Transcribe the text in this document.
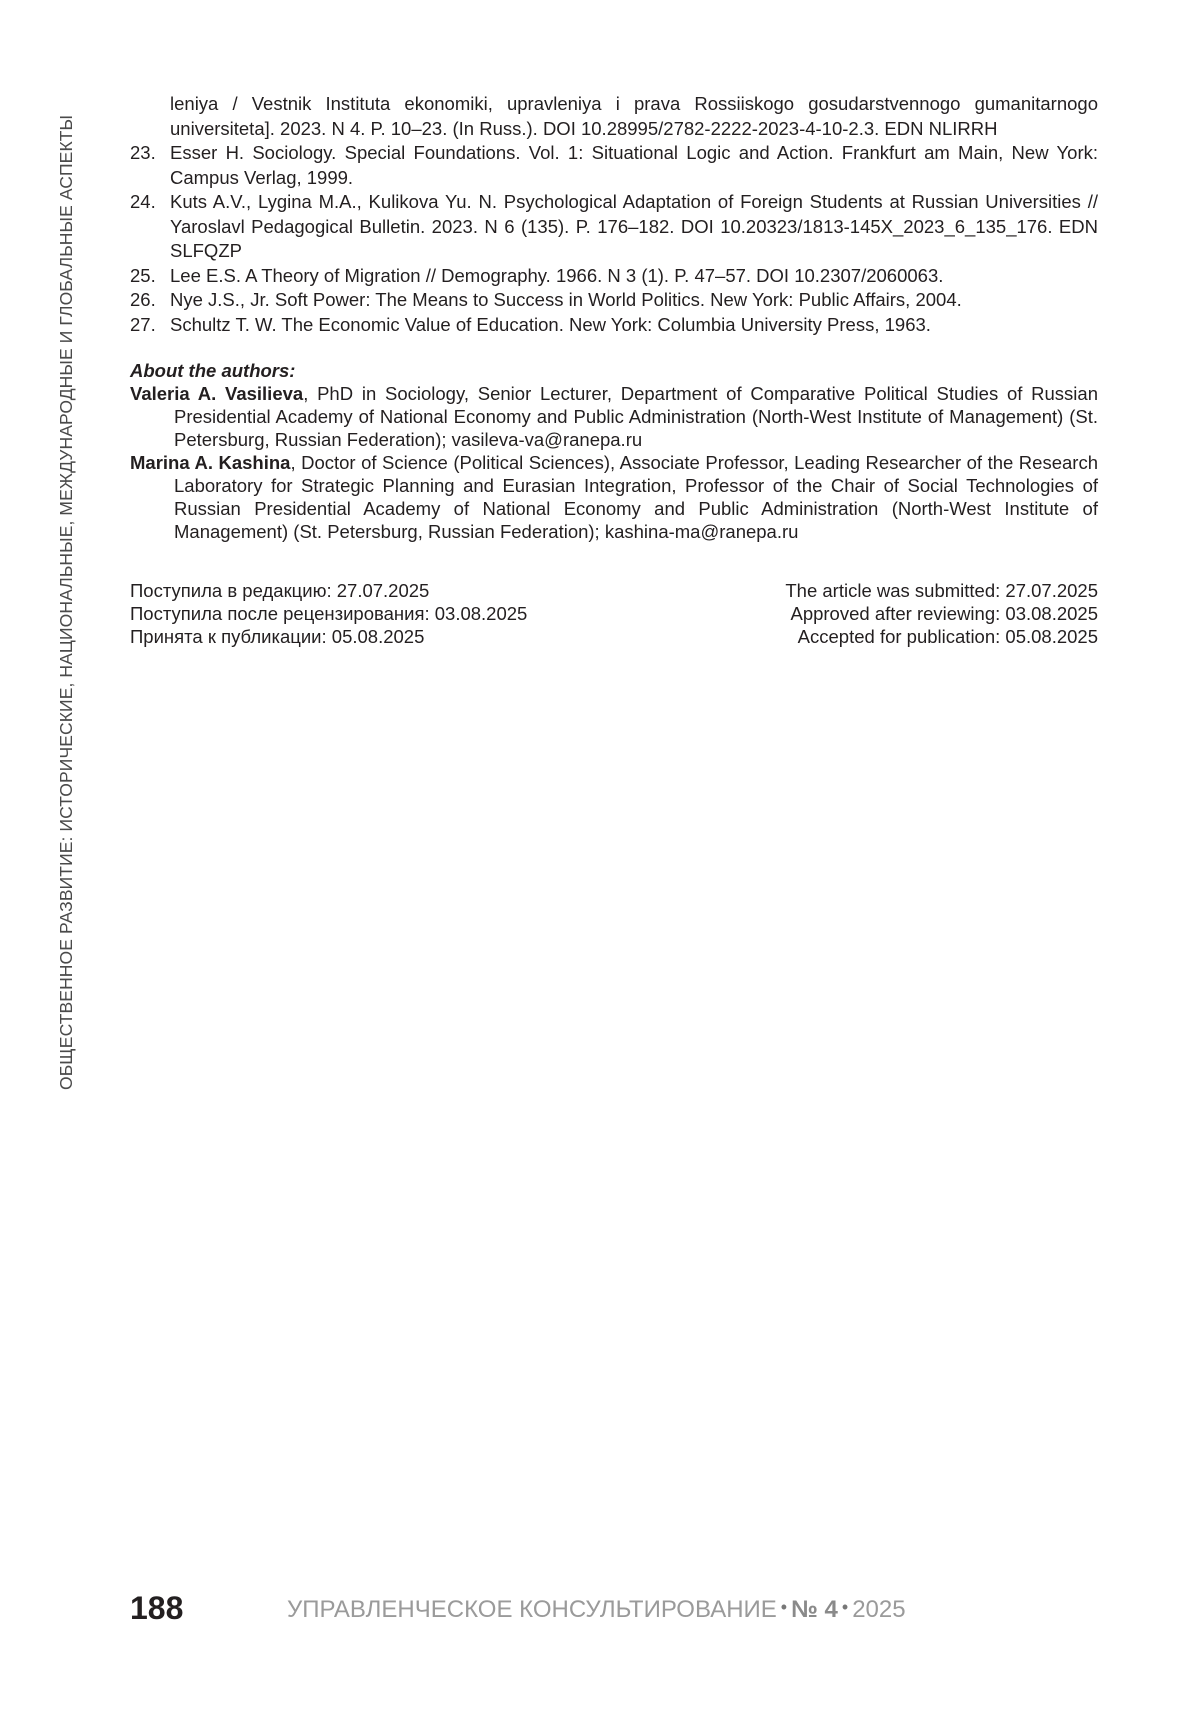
ОБЩЕСТВЕННОЕ РАЗВИТИЕ: ИСТОРИЧЕСКИЕ, НАЦИОНАЛЬНЫЕ, МЕЖДУНАРОДНЫЕ И ГЛОБАЛЬНЫЕ АСПЕКТЫ

leniya / Vestnik Instituta ekonomiki, upravleniya i prava Rossiiskogo gosudarstvennogo gumanitarnogo universiteta]. 2023. N 4. P. 10–23. (In Russ.). DOI 10.28995/2782-2222-2023-4-10-2.3. EDN NLIRRH

23. Esser H. Sociology. Special Foundations. Vol. 1: Situational Logic and Action. Frankfurt am Main, New York: Campus Verlag, 1999.

24. Kuts A.V., Lygina M.A., Kulikova Yu. N. Psychological Adaptation of Foreign Students at Russian Universities // Yaroslavl Pedagogical Bulletin. 2023. N 6 (135). P. 176–182. DOI 10.20323/1813-145X_2023_6_135_176. EDN SLFQZP

25. Lee E.S. A Theory of Migration // Demography. 1966. N 3 (1). P. 47–57. DOI 10.2307/2060063.

26. Nye J.S., Jr. Soft Power: The Means to Success in World Politics. New York: Public Affairs, 2004.

27. Schultz T. W. The Economic Value of Education. New York: Columbia University Press, 1963.

About the authors:

Valeria A. Vasilieva, PhD in Sociology, Senior Lecturer, Department of Comparative Political Studies of Russian Presidential Academy of National Economy and Public Administration (North-West Institute of Management) (St. Petersburg, Russian Federation); vasileva-va@ranepa.ru

Marina A. Kashina, Doctor of Science (Political Sciences), Associate Professor, Leading Researcher of the Research Laboratory for Strategic Planning and Eurasian Integration, Professor of the Chair of Social Technologies of Russian Presidential Academy of National Economy and Public Administration (North-West Institute of Management) (St. Petersburg, Russian Federation); kashina-ma@ranepa.ru

Поступила в редакцию: 27.07.2025
Поступила после рецензирования: 03.08.2025
Принята к публикации: 05.08.2025
The article was submitted: 27.07.2025
Approved after reviewing: 03.08.2025
Accepted for publication: 05.08.2025
188	УПРАВЛЕНЧЕСКОЕ КОНСУЛЬТИРОВАНИЕ • № 4 • 2025
